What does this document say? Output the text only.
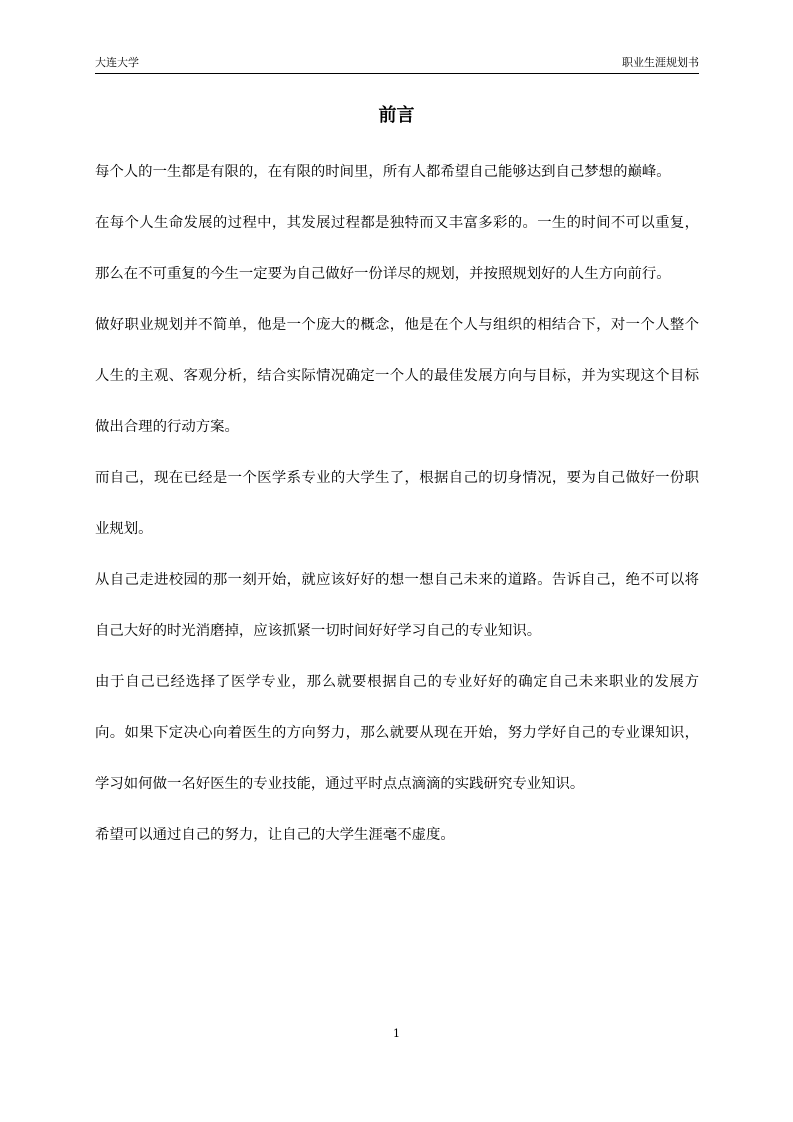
大连大学	职业生涯规划书
前言

每个人的一生都是有限的，在有限的时间里，所有人都希望自己能够达到自己梦想的巅峰。

在每个人生命发展的过程中，其发展过程都是独特而又丰富多彩的。一生的时间不可以重复，那么在不可重复的今生一定要为自己做好一份详尽的规划，并按照规划好的人生方向前行。

做好职业规划并不简单，他是一个庞大的概念，他是在个人与组织的相结合下，对一个人整个人生的主观、客观分析，结合实际情况确定一个人的最佳发展方向与目标，并为实现这个目标做出合理的行动方案。

而自己，现在已经是一个医学系专业的大学生了，根据自己的切身情况，要为自己做好一份职业规划。

从自己走进校园的那一刻开始，就应该好好的想一想自己未来的道路。告诉自己，绝不可以将自己大好的时光消磨掉，应该抓紧一切时间好好学习自己的专业知识。

由于自己已经选择了医学专业，那么就要根据自己的专业好好的确定自己未来职业的发展方向。如果下定决心向着医生的方向努力，那么就要从现在开始，努力学好自己的专业课知识，学习如何做一名好医生的专业技能，通过平时点点滴滴的实践研究专业知识。

希望可以通过自己的努力，让自己的大学生涯毫不虚度。

1
